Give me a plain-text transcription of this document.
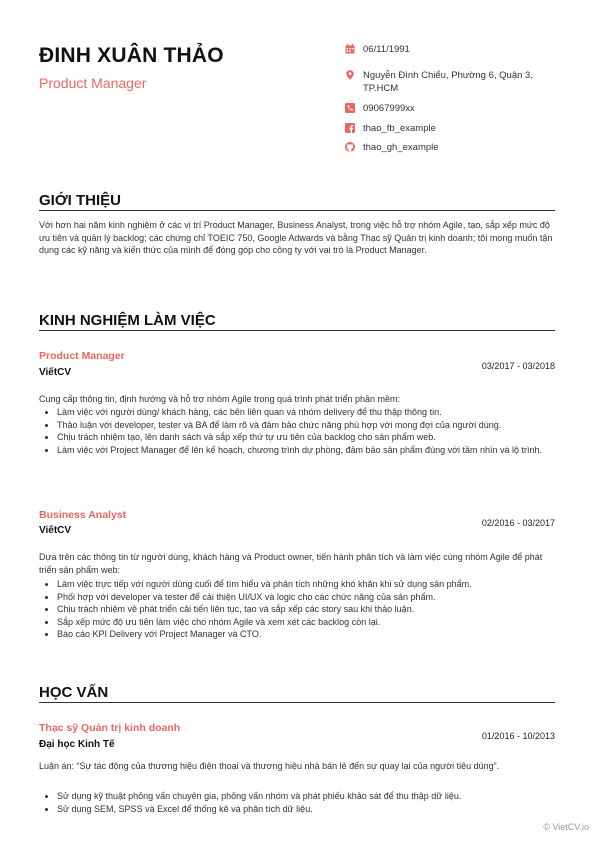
ĐINH XUÂN THẢO
Product Manager
06/11/1991
Nguyễn Đình Chiểu, Phường 6, Quận 3, TP.HCM
09067999xx
thao_fb_example
thao_gh_example
GIỚI THIỆU
Với hơn hai năm kinh nghiệm ở các vị trí Product Manager, Business Analyst, trong việc hỗ trợ nhóm Agile, tạo, sắp xếp mức độ ưu tiên và quản lý backlog; các chứng chỉ TOEIC 750, Google Adwards và bằng Thạc sỹ Quản trị kinh doanh; tôi mong muốn tận dụng các kỹ năng và kiến thức của mình để đóng góp cho công ty với vai trò là Product Manager.
KINH NGHIỆM LÀM VIỆC
Product Manager
03/2017 - 03/2018
ViếtCV
Cung cấp thông tin, định hướng và hỗ trợ nhóm Agile trong quá trình phát triển phần mềm:
• Làm việc với người dùng/ khách hàng, các bên liên quan và nhóm delivery để thu thập thông tin.
• Thảo luận với developer, tester và BA để làm rõ và đảm bảo chức năng phù hợp với mong đợi của người dùng.
• Chịu trách nhiệm tạo, lên danh sách và sắp xếp thứ tự ưu tiên của backlog cho sản phẩm web.
• Làm việc với Project Manager để lên kế hoạch, chương trình dự phòng, đảm bảo sản phẩm đúng với tầm nhìn và lộ trình.
Business Analyst
02/2016 - 03/2017
ViếtCV
Dựa trên các thông tin từ người dùng, khách hàng và Product owner, tiến hành phân tích và làm việc cùng nhóm Agile để phát triển sản phẩm web:
• Làm việc trực tiếp với người dùng cuối để tìm hiểu và phân tích những khó khăn khi sử dụng sản phẩm.
• Phối hợp với developer và tester để cải thiện UI/UX và logic cho các chức năng của sản phẩm.
• Chịu trách nhiệm về phát triển cải tiến liên tục, tạo và sắp xếp các story sau khi thảo luận.
• Sắp xếp mức độ ưu tiên làm việc cho nhóm Agile và xem xét các backlog còn lại.
• Báo cáo KPI Delivery với Project Manager và CTO.
HỌC VẤN
Thạc sỹ Quản trị kinh doanh
01/2016 - 10/2013
Đại học Kinh Tế
Luận án: “Sự tác động của thương hiệu điện thoại và thương hiệu nhà bán lẻ đến sự quay lại của người tiêu dùng”.
• Sử dụng kỹ thuật phỏng vấn chuyên gia, phỏng vấn nhóm và phát phiếu khảo sát để thu thập dữ liệu.
• Sử dụng SEM, SPSS và Excel để thống kê và phân tích dữ liệu.
© VietCV.io
